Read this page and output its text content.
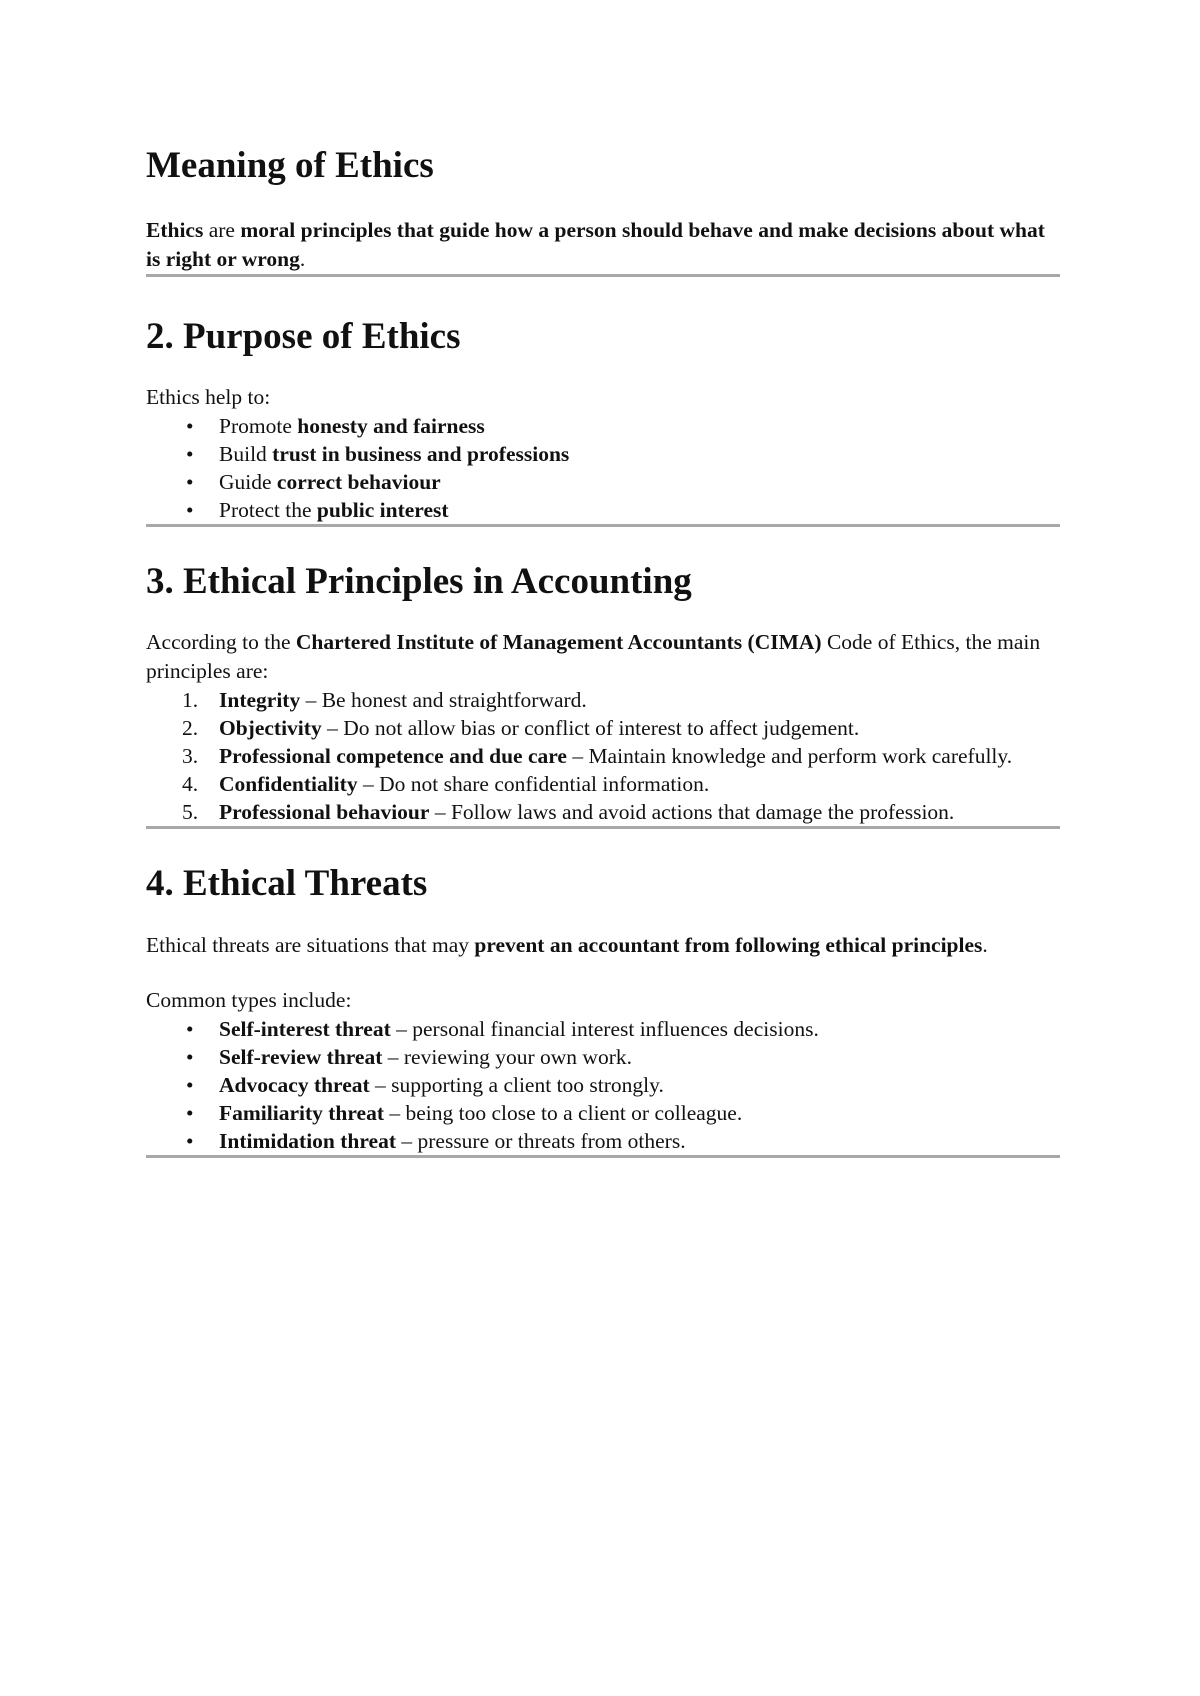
Meaning of Ethics

Ethics are moral principles that guide how a person should behave and make decisions about what is right or wrong.

2. Purpose of Ethics

Ethics help to:

• Promote honesty and fairness
• Build trust in business and professions
• Guide correct behaviour
• Protect the public interest
3. Ethical Principles in Accounting

According to the Chartered Institute of Management Accountants (CIMA) Code of Ethics, the main principles are:

1. Integrity – Be honest and straightforward.
2. Objectivity – Do not allow bias or conflict of interest to affect judgement.
3. Professional competence and due care – Maintain knowledge and perform work carefully.
4. Confidentiality – Do not share confidential information.
5. Professional behaviour – Follow laws and avoid actions that damage the profession.
4. Ethical Threats

Ethical threats are situations that may prevent an accountant from following ethical principles.

Common types include:

• Self-interest threat – personal financial interest influences decisions.
• Self-review threat – reviewing your own work.
• Advocacy threat – supporting a client too strongly.
• Familiarity threat – being too close to a client or colleague.
• Intimidation threat – pressure or threats from others.
